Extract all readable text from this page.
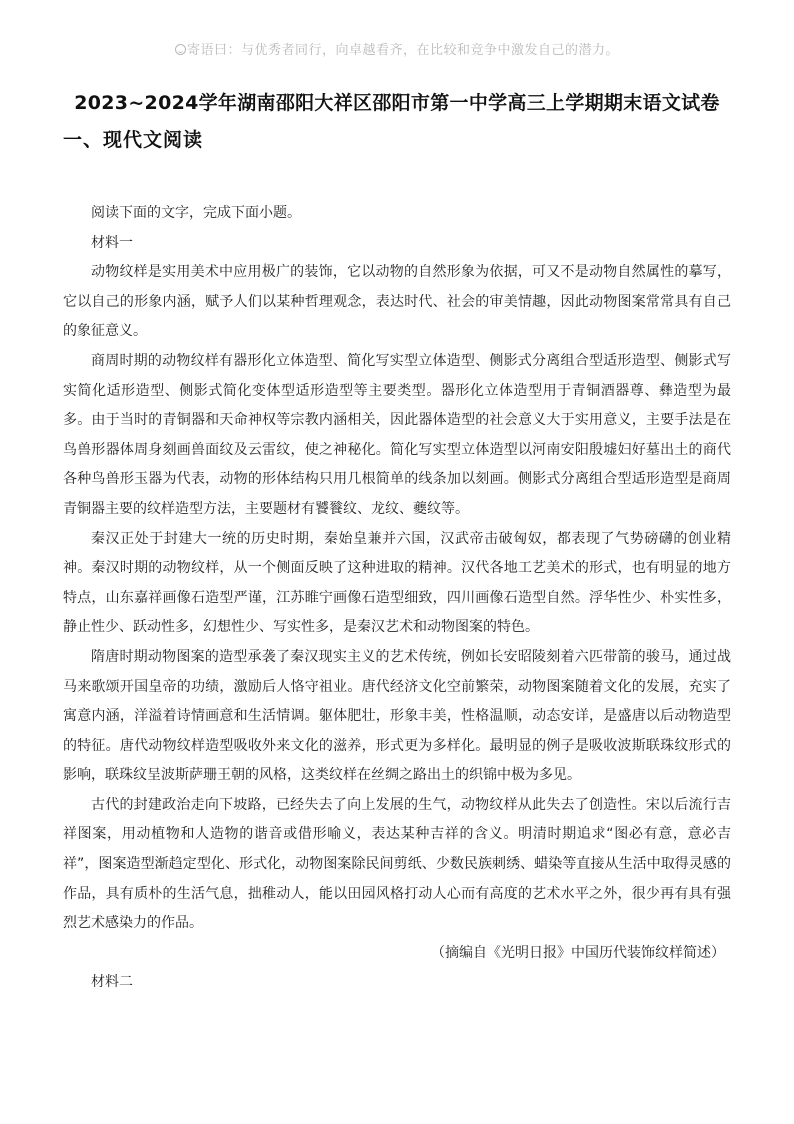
寄语曰：与优秀者同行，向卓越看齐，在比较和竞争中激发自己的潜力。
2023~2024学年湖南邵阳大祥区邵阳市第一中学高三上学期期末语文试卷
一、现代文阅读

阅读下面的文字，完成下面小题。

材料一

动物纹样是实用美术中应用极广的装饰，它以动物的自然形象为依据，可又不是动物自然属性的摹写，它以自己的形象内涵，赋予人们以某种哲理观念，表达时代、社会的审美情趣，因此动物图案常常具有自己的象征意义。

商周时期的动物纹样有器形化立体造型、简化写实型立体造型、侧影式分离组合型适形造型、侧影式写实简化适形造型、侧影式简化变体型适形造型等主要类型。器形化立体造型用于青铜酒器尊、彝造型为最多。由于当时的青铜器和天命神权等宗教内涵相关，因此器体造型的社会意义大于实用意义，主要手法是在鸟兽形器体周身刻画兽面纹及云雷纹，使之神秘化。简化写实型立体造型以河南安阳殷墟妇好墓出土的商代各种鸟兽形玉器为代表，动物的形体结构只用几根简单的线条加以刻画。侧影式分离组合型适形造型是商周青铜器主要的纹样造型方法，主要题材有饕餮纹、龙纹、夔纹等。

秦汉正处于封建大一统的历史时期，秦始皇兼并六国，汉武帝击破匈奴，都表现了气势磅礴的创业精神。秦汉时期的动物纹样，从一个侧面反映了这种进取的精神。汉代各地工艺美术的形式，也有明显的地方特点，山东嘉祥画像石造型严谨，江苏睢宁画像石造型细致，四川画像石造型自然。浮华性少、朴实性多，静止性少、跃动性多，幻想性少、写实性多，是秦汉艺术和动物图案的特色。

隋唐时期动物图案的造型承袭了秦汉现实主义的艺术传统，例如长安昭陵刻着六匹带箭的骏马，通过战马来歌颂开国皇帝的功绩，激励后人恪守祖业。唐代经济文化空前繁荣，动物图案随着文化的发展，充实了寓意内涵，洋溢着诗情画意和生活情调。躯体肥壮，形象丰美，性格温顺，动态安详，是盛唐以后动物造型的特征。唐代动物纹样造型吸收外来文化的滋养，形式更为多样化。最明显的例子是吸收波斯联珠纹形式的影响，联珠纹呈波斯萨珊王朝的风格，这类纹样在丝绸之路出土的织锦中极为多见。

古代的封建政治走向下坡路，已经失去了向上发展的生气，动物纹样从此失去了创造性。宋以后流行吉祥图案，用动植物和人造物的谐音或借形喻义，表达某种吉祥的含义。明清时期追求“图必有意，意必吉祥”，图案造型渐趋定型化、形式化，动物图案除民间剪纸、少数民族刺绣、蜡染等直接从生活中取得灵感的作品，具有质朴的生活气息，拙稚动人，能以田园风格打动人心而有高度的艺术水平之外，很少再有具有强烈艺术感染力的作品。

（摘编自《光明日报》中国历代装饰纹样简述）

材料二
